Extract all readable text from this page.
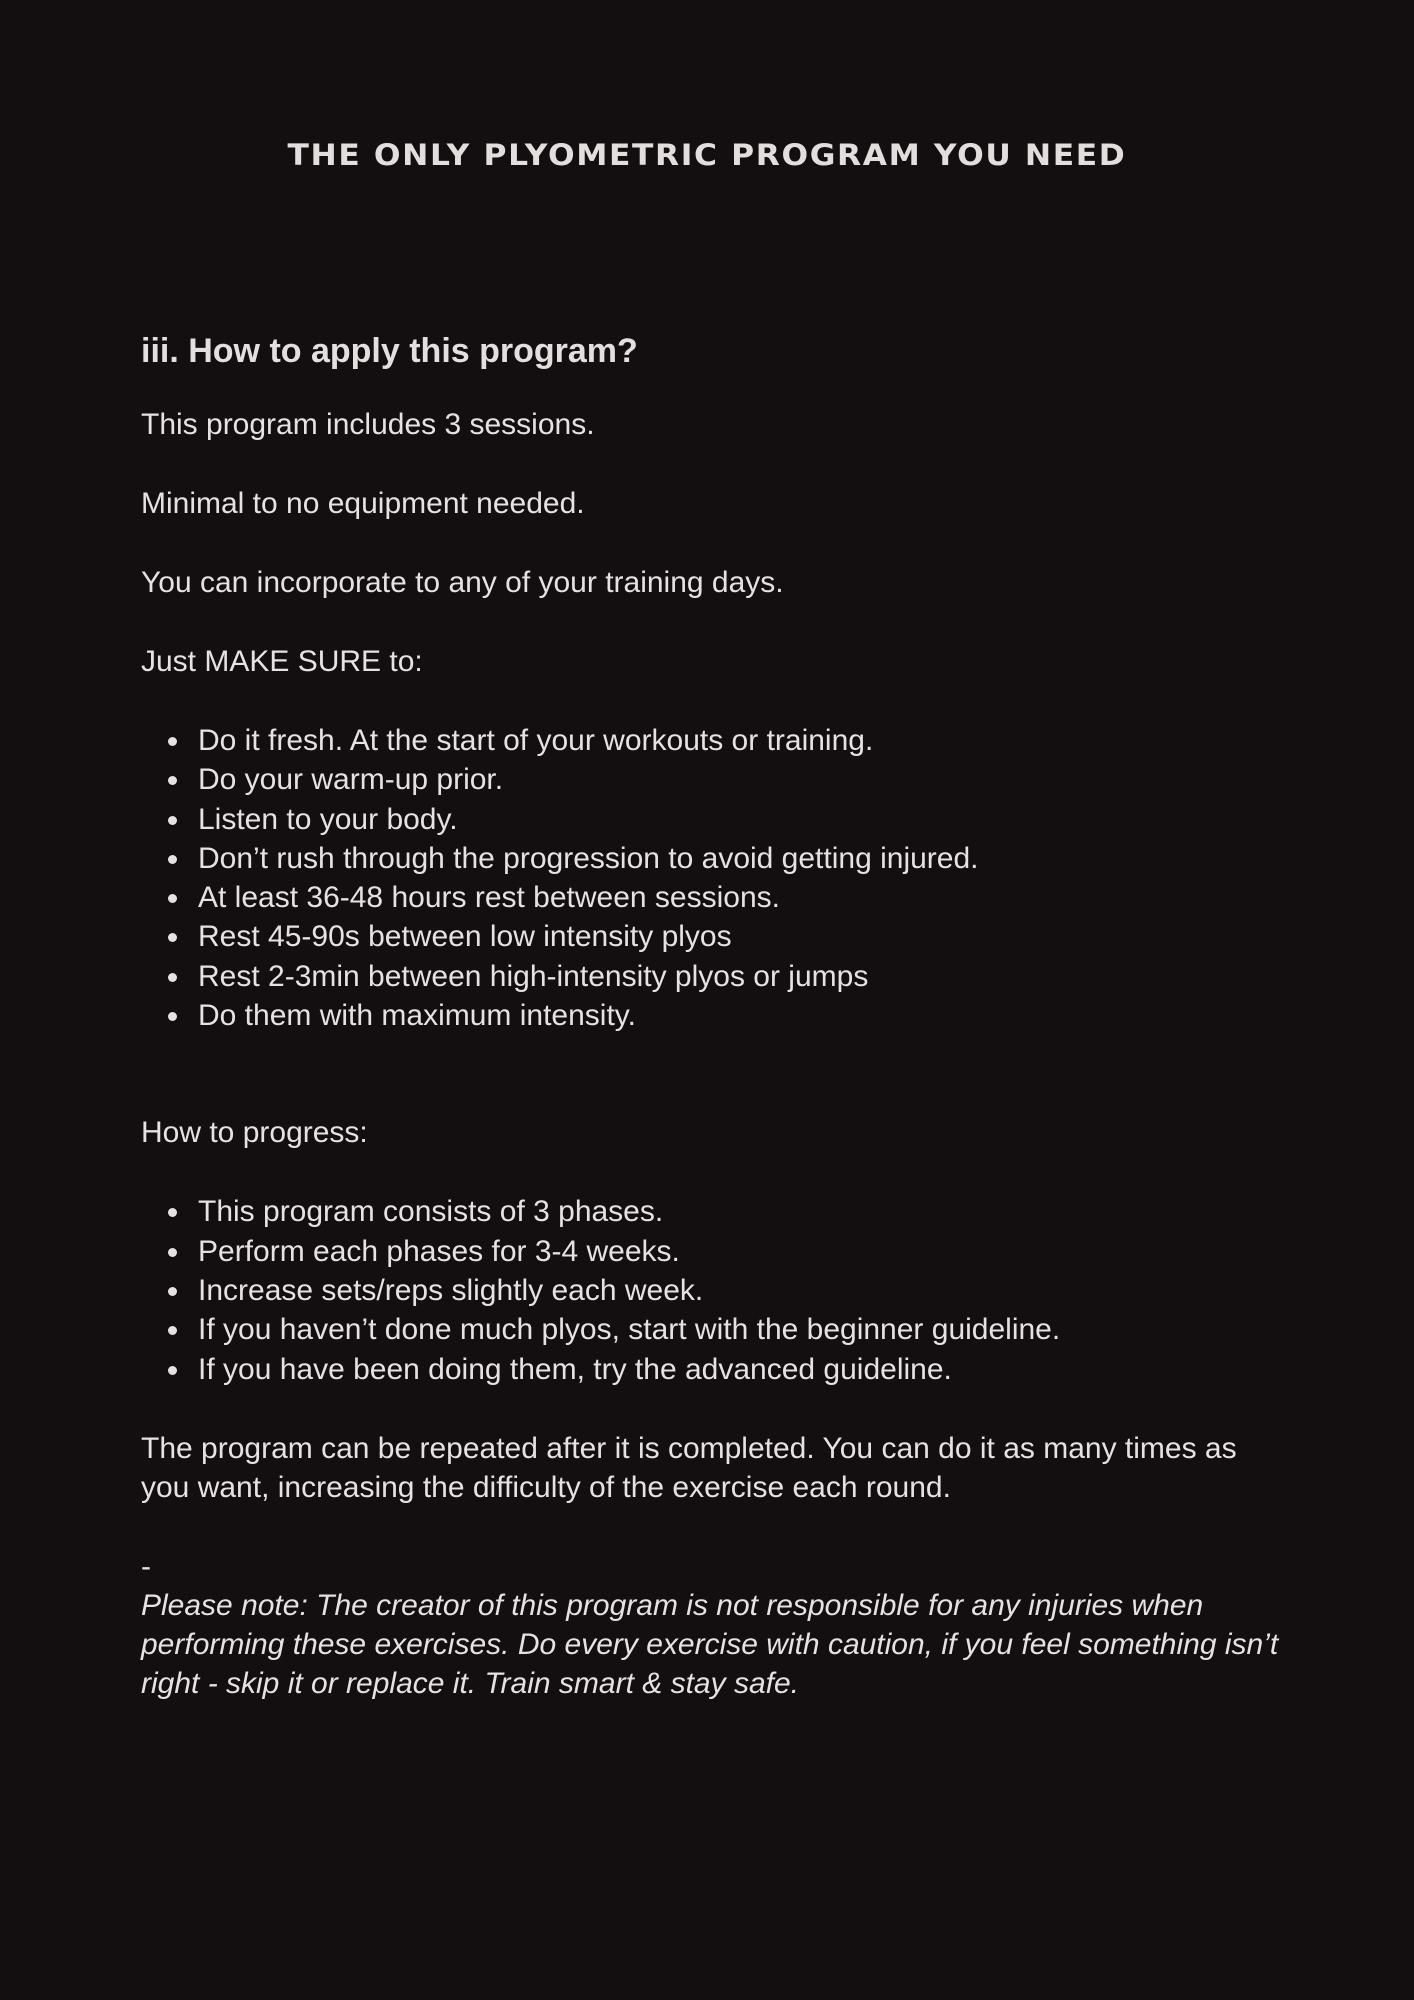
THE ONLY PLYOMETRIC PROGRAM YOU NEED
iii. How to apply this program?

This program includes 3 sessions.

Minimal to no equipment needed.

You can incorporate to any of your training days.

Just MAKE SURE to:

Do it fresh. At the start of your workouts or training.
Do your warm-up prior.
Listen to your body.
Don’t rush through the progression to avoid getting injured.
At least 36-48 hours rest between sessions.
Rest 45-90s between low intensity plyos
Rest 2-3min between high-intensity plyos or jumps
Do them with maximum intensity.

How to progress:

This program consists of 3 phases.
Perform each phases for 3-4 weeks.
Increase sets/reps slightly each week.
If you haven’t done much plyos, start with the beginner guideline.
If you have been doing them, try the advanced guideline.

The program can be repeated after it is completed. You can do it as many times as you want, increasing the difficulty of the exercise each round.

-

Please note: The creator of this program is not responsible for any injuries when performing these exercises. Do every exercise with caution, if you feel something isn’t right - skip it or replace it. Train smart & stay safe.
